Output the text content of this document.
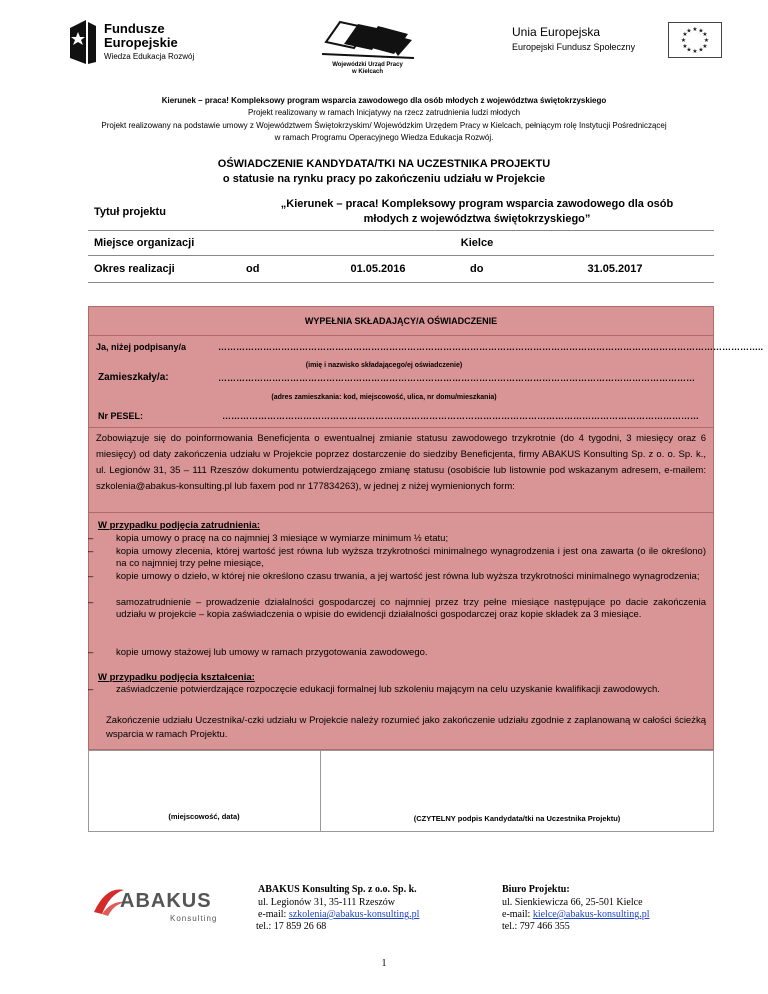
Fundusze
Europejskie
Wiedza Edukacja Rozwój
Wojewódzki Urząd Pracy
w Kielcach
Unia Europejska
Europejski Fundusz Społeczny
★ ★
★
★
★
★
★
★
★
★
★
★
Kierunek – praca! Kompleksowy program wsparcia zawodowego dla osób młodych z województwa świętokrzyskiego
Projekt realizowany w ramach Inicjatywy na rzecz zatrudnienia ludzi młodych
Projekt realizowany na podstawie umowy z Województwem Świętokrzyskim/ Wojewódzkim Urzędem Pracy w Kielcach, pełniącym rolę Instytucji Pośredniczącej
w ramach Programu Operacyjnego Wiedza Edukacja Rozwój.
OŚWIADCZENIE KANDYDATA/TKI NA UCZESTNIKA PROJEKTU
o statusie na rynku pracy po zakończeniu udziału w Projekcie
Tytuł projektu	„Kierunek – praca! Kompleksowy program wsparcia zawodowego dla osób
młodych z województwa świętokrzyskiego”			

Miejsce organizacji	Kielce			
Okres realizacji	od	01.05.2016	do	31.05.2017
WYPEŁNIA SKŁADAJĄCY/A OŚWIADCZENIE
Ja, niżej podpisany/a	………………………………………………………………………………………………………………………………………………………………..
(imię i nazwisko składającego/ej oświadczenie)
Zamieszkały/a:	……………………………………………………………………………………………………………………………………………
(adres zamieszkania: kod, miejscowość, ulica, nr domu/mieszkania)
Nr PESEL:	……………………………………………………………………………………………………………………………………………
Zobowiązuje się do poinformowania Beneficjenta o ewentualnej zmianie statusu zawodowego trzykrotnie (do 4 tygodni, 3 miesięcy oraz 6 miesięcy) od daty zakończenia udziału w Projekcie poprzez dostarczenie do siedziby Beneficjenta, firmy ABAKUS Konsulting Sp. z o. o. Sp. k., ul. Legionów 31, 35 – 111 Rzeszów dokumentu potwierdzającego zmianę statusu (osobiście lub listownie pod wskazanym adresem, e-mailem: szkolenia@abakus-konsulting.pl lub faxem pod nr 177834263), w jednej z niżej wymienionych form:
W przypadku podjęcia zatrudnienia:
– kopia umowy o pracę na co najmniej 3 miesiące w wymiarze minimum ½ etatu;
– kopia umowy zlecenia, której wartość jest równa lub wyższa trzykrotności minimalnego wynagrodzenia i jest ona zawarta (o ile określono) na co najmniej trzy pełne miesiące,
– kopie umowy o dzieło, w której nie określono czasu trwania, a jej wartość jest równa lub wyższa trzykrotności minimalnego wynagrodzenia;
– samozatrudnienie – prowadzenie działalności gospodarczej co najmniej przez trzy pełne miesiące następujące po dacie zakończenia udziału w projekcie – kopia zaświadczenia o wpisie do ewidencji działalności gospodarczej oraz kopie składek za 3 miesiące.
– kopie umowy stażowej lub umowy w ramach przygotowania zawodowego.
W przypadku podjęcia kształcenia:
– zaświadczenie potwierdzające rozpoczęcie edukacji formalnej lub szkoleniu mającym na celu uzyskanie kwalifikacji zawodowych.
Zakończenie udziału Uczestnika/-czki udziału w Projekcie należy rozumieć jako zakończenie udziału zgodnie z zaplanowaną w całości ścieżką wsparcia w ramach Projektu.
(miejscowość, data)	(CZYTELNY podpis Kandydata/tki na Uczestnika Projektu)
ABAKUS
Konsulting
ABAKUS Konsulting Sp. z o.o. Sp. k.
ul. Legionów 31, 35-111 Rzeszów
e-mail: szkolenia@abakus-konsulting.pl
tel.: 17 859 26 68
Biuro Projektu:
ul. Sienkiewicza 66, 25-501 Kielce
e-mail: kielce@abakus-konsulting.pl
tel.: 797 466 355
1
